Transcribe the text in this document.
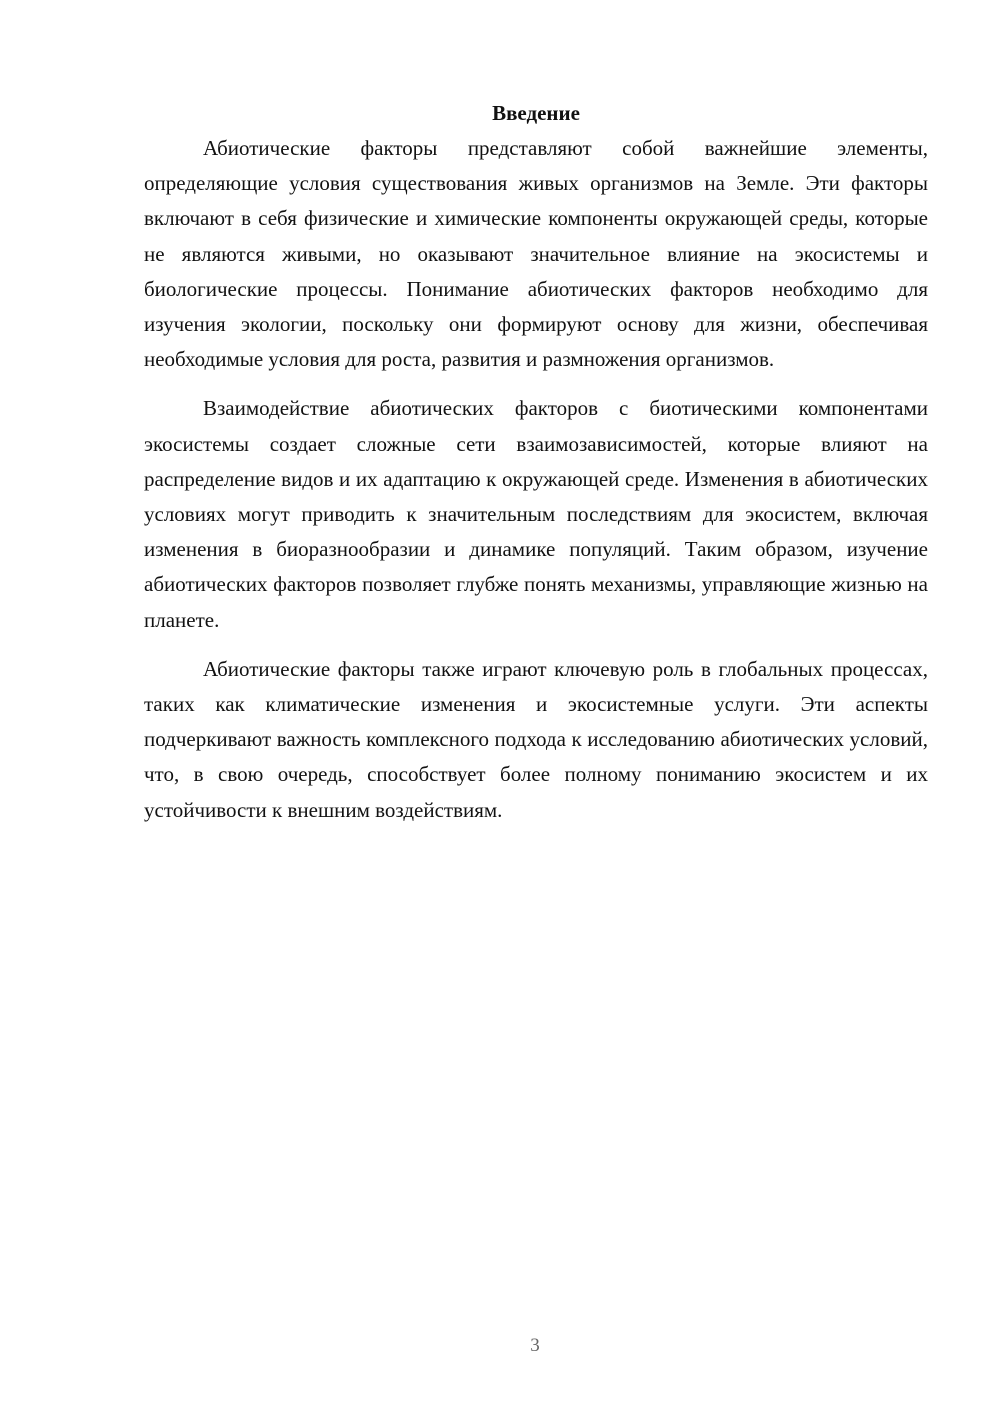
Введение

Абиотические факторы представляют собой важнейшие элементы, определяющие условия существования живых организмов на Земле. Эти факторы включают в себя физические и химические компоненты окружающей среды, которые не являются живыми, но оказывают значительное влияние на экосистемы и биологические процессы. Понимание абиотических факторов необходимо для изучения экологии, поскольку они формируют основу для жизни, обеспечивая необходимые условия для роста, развития и размножения организмов.

Взаимодействие абиотических факторов с биотическими компонентами экосистемы создает сложные сети взаимозависимостей, которые влияют на распределение видов и их адаптацию к окружающей среде. Изменения в абиотических условиях могут приводить к значительным последствиям для экосистем, включая изменения в биоразнообразии и динамике популяций. Таким образом, изучение абиотических факторов позволяет глубже понять механизмы, управляющие жизнью на планете.

Абиотические факторы также играют ключевую роль в глобальных процессах, таких как климатические изменения и экосистемные услуги. Эти аспекты подчеркивают важность комплексного подхода к исследованию абиотических условий, что, в свою очередь, способствует более полному пониманию экосистем и их устойчивости к внешним воздействиям.

3
